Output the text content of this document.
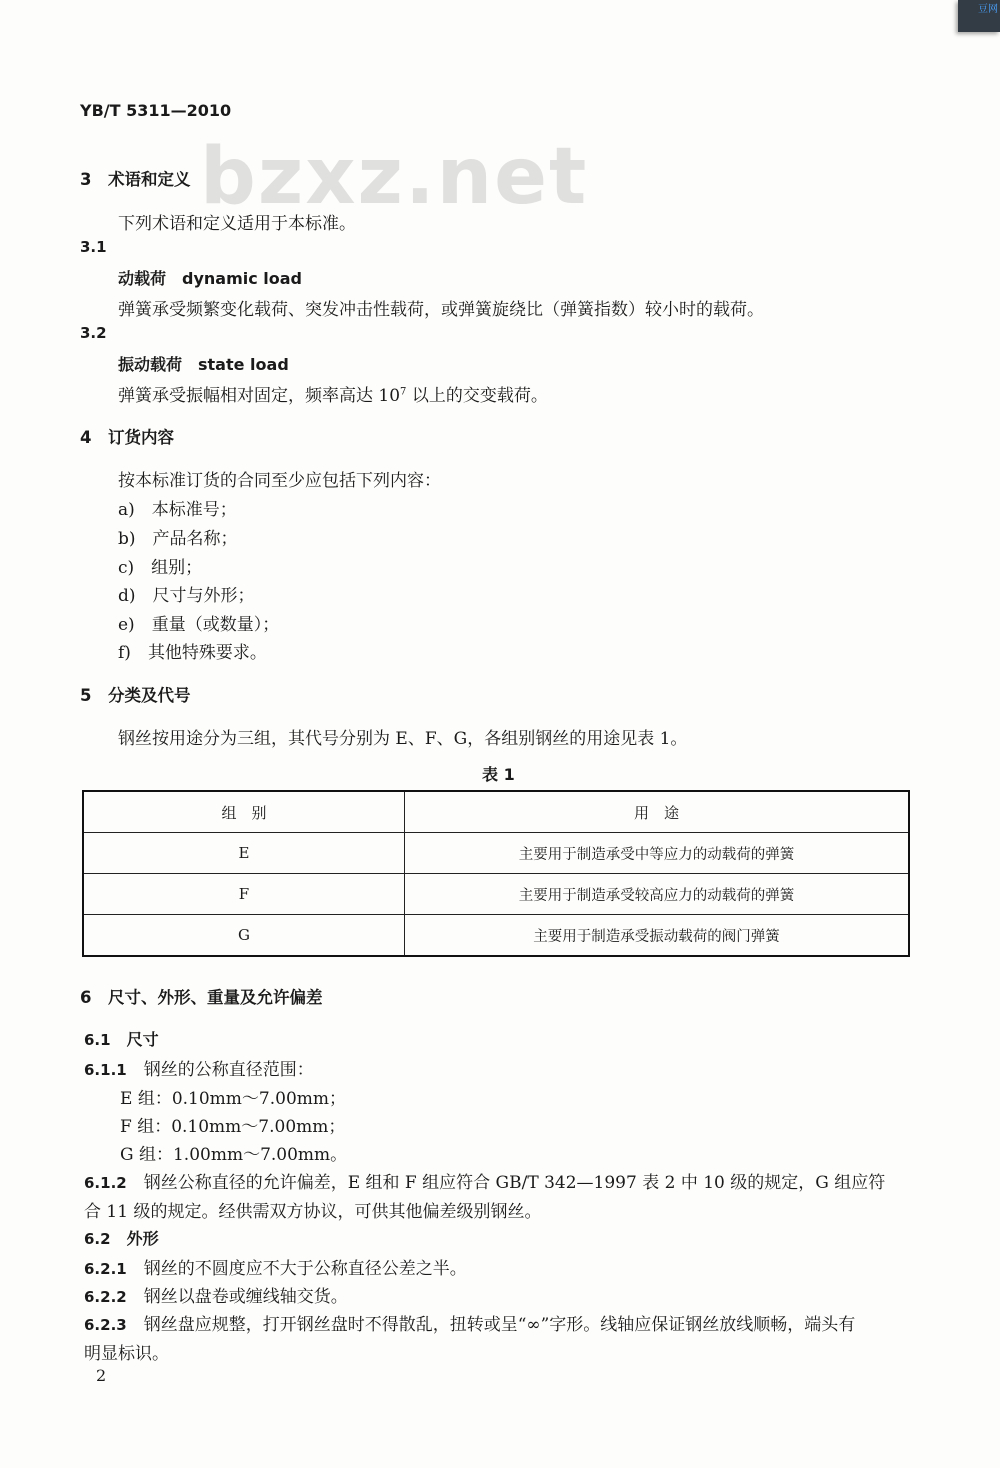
豆网
bzxz.net
YB/T 5311—2010
3　术语和定义
下列术语和定义适用于本标准。
3.1
动载荷　dynamic load
弹簧承受频繁变化载荷、突发冲击性载荷，或弹簧旋绕比（弹簧指数）较小时的载荷。
3.2
振动载荷　state load
弹簧承受振幅相对固定，频率高达 $10^7$ 以上的交变载荷。
4　订货内容
按本标准订货的合同至少应包括下列内容：
a)　 本标准号；
b)　 产品名称；
c)　 组别；
d)　 尺寸与外形；
e)　 重量（或数量）；
f)　 其他特殊要求。
5　分类及代号
钢丝按用途分为三组，其代号分别为 E、F、G，各组别钢丝的用途见表 1。
表 1
组　别	用　途
E	主要用于制造承受中等应力的动载荷的弹簧
F	主要用于制造承受较高应力的动载荷的弹簧
G	主要用于制造承受振动载荷的阀门弹簧
6　尺寸、外形、重量及允许偏差
6.1　 尺寸
6.1.1　 钢丝的公称直径范围：
E 组：0.10mm～7.00mm；
F 组：0.10mm～7.00mm；
G 组：1.00mm～7.00mm。
6.1.2　 钢丝公称直径的允许偏差，E 组和 F 组应符合 GB/T 342—1997 表 2 中 10 级的规定，G 组应符
合 11 级的规定。经供需双方协议，可供其他偏差级别钢丝。
6.2　 外形
6.2.1　 钢丝的不圆度应不大于公称直径公差之半。
6.2.2　 钢丝以盘卷或缠线轴交货。
6.2.3　 钢丝盘应规整，打开钢丝盘时不得散乱，扭转或呈“∞”字形。线轴应保证钢丝放线顺畅，端头有
明显标识。
2
